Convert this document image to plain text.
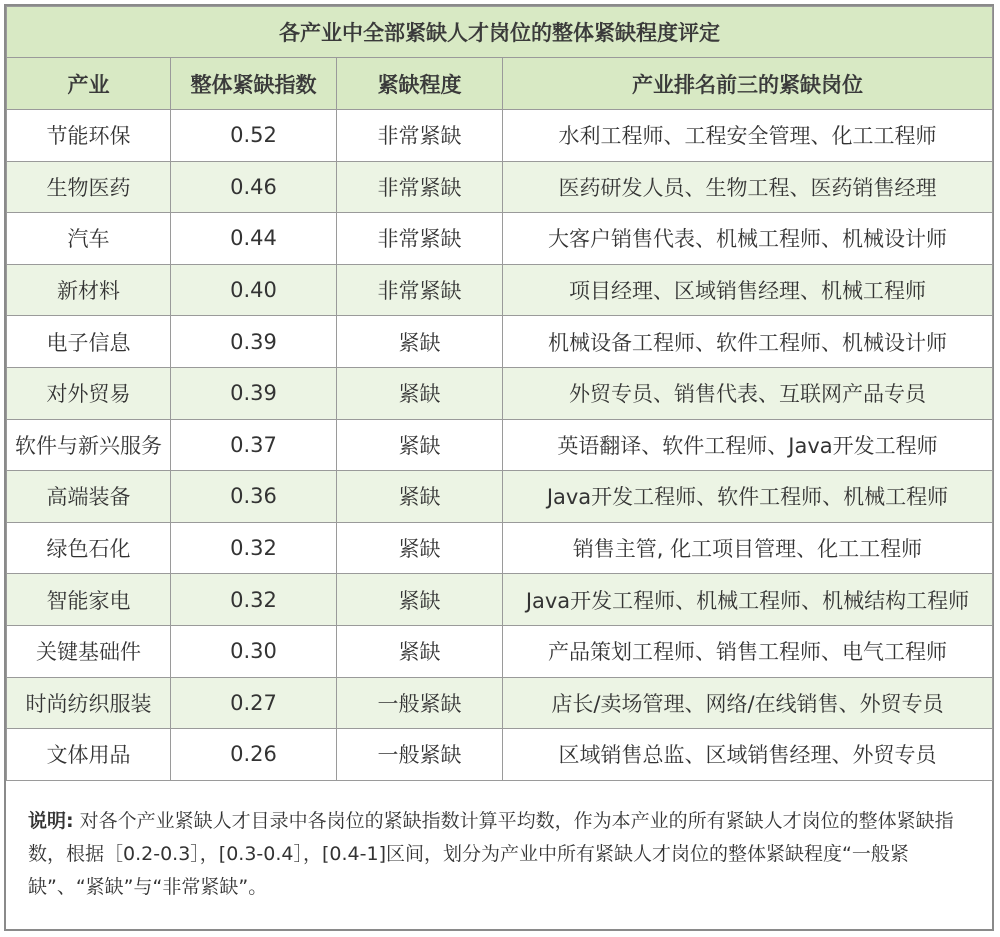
各产业中全部紧缺人才岗位的整体紧缺程度评定			
产业	整体紧缺指数	紧缺程度	产业排名前三的紧缺岗位
节能环保	0.52	非常紧缺	水利工程师、工程安全管理、化工工程师
生物医药	0.46	非常紧缺	医药研发人员、生物工程、医药销售经理
汽车	0.44	非常紧缺	大客户销售代表、机械工程师、机械设计师
新材料	0.40	非常紧缺	项目经理、区域销售经理、机械工程师
电子信息	0.39	紧缺	机械设备工程师、软件工程师、机械设计师
对外贸易	0.39	紧缺	外贸专员、销售代表、互联网产品专员
软件与新兴服务	0.37	紧缺	英语翻译、软件工程师、Java开发工程师
高端装备	0.36	紧缺	Java开发工程师、软件工程师、机械工程师
绿色石化	0.32	紧缺	销售主管, 化工项目管理、化工工程师
智能家电	0.32	紧缺	Java开发工程师、机械工程师、机械结构工程师
关键基础件	0.30	紧缺	产品策划工程师、销售工程师、电气工程师
时尚纺织服装	0.27	一般紧缺	店长/卖场管理、网络/在线销售、外贸专员
文体用品	0.26	一般紧缺	区域销售总监、区域销售经理、外贸专员
说明: 对各个产业紧缺人才目录中各岗位的紧缺指数计算平均数，作为本产业的所有紧缺人才岗位的整体紧缺指数，根据［0.2-0.3］，[0.3-0.4］，[0.4-1]区间，划分为产业中所有紧缺人才岗位的整体紧缺程度“一般紧缺”、“紧缺”与“非常紧缺”。
